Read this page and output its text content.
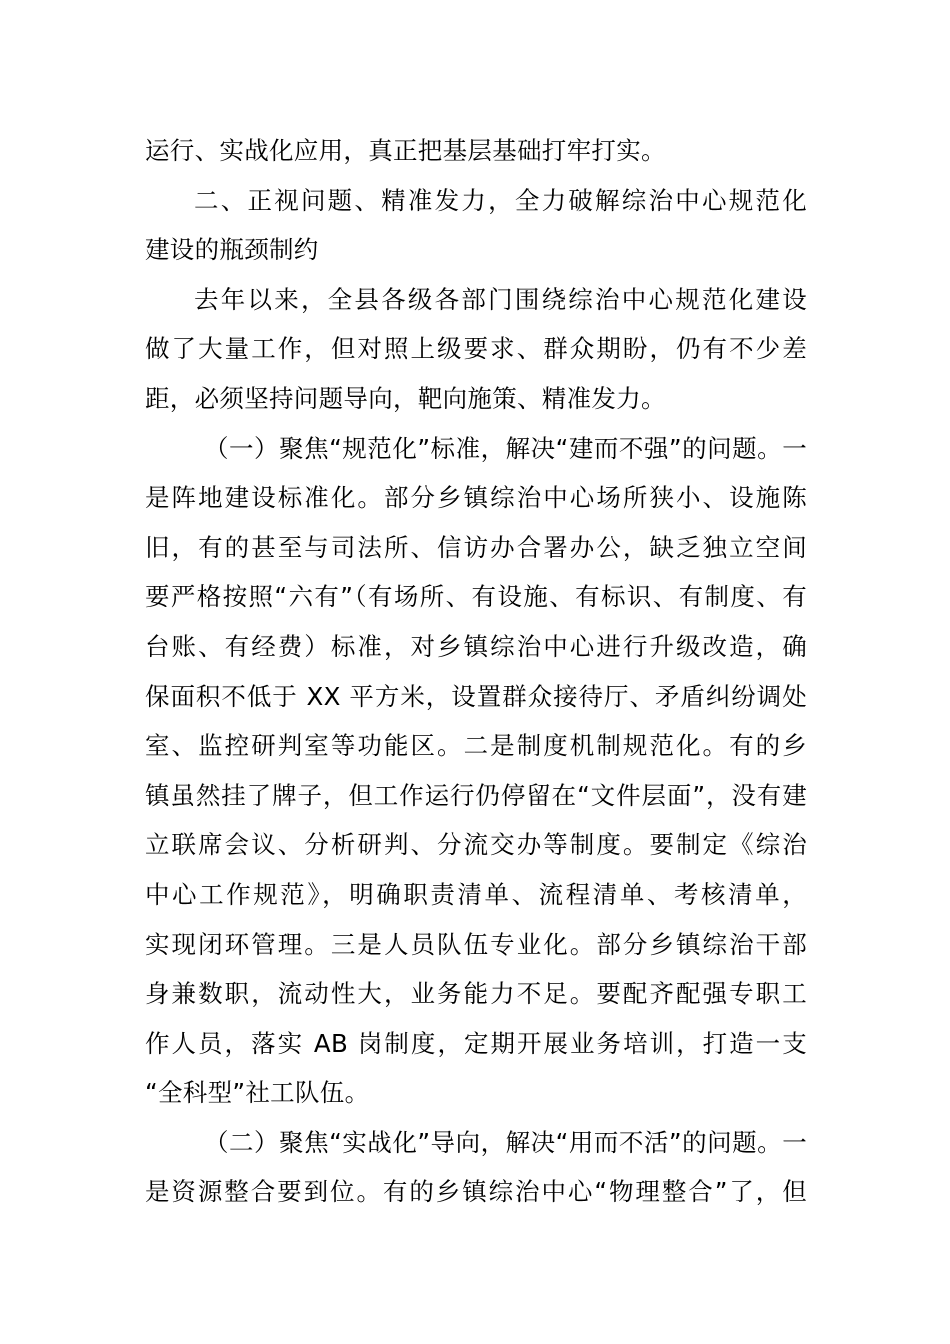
运行、实战化应用，真正把基层基础打牢打实。
二、正视问题、精准发力，全力破解综治中心规范化
建设的瓶颈制约
去年以来，全县各级各部门围绕综治中心规范化建设
做了大量工作，但对照上级要求、群众期盼，仍有不少差
距，必须坚持问题导向，靶向施策、精准发力。
（一）聚焦“规范化”标准，解决“建而不强”的问题。一
是阵地建设标准化。部分乡镇综治中心场所狭小、设施陈
旧，有的甚至与司法所、信访办合署办公，缺乏独立空间
要严格按照“六有”（有场所、有设施、有标识、有制度、有
台账、有经费）标准，对乡镇综治中心进行升级改造，确
保面积不低于 XX 平方米，设置群众接待厅、矛盾纠纷调处
室、监控研判室等功能区。二是制度机制规范化。有的乡
镇虽然挂了牌子，但工作运行仍停留在“文件层面”，没有建
立联席会议、分析研判、分流交办等制度。要制定《综治
中心工作规范》，明确职责清单、流程清单、考核清单，
实现闭环管理。三是人员队伍专业化。部分乡镇综治干部
身兼数职，流动性大，业务能力不足。要配齐配强专职工
作人员，落实 AB 岗制度，定期开展业务培训，打造一支
“全科型”社工队伍。
（二）聚焦“实战化”导向，解决“用而不活”的问题。一
是资源整合要到位。有的乡镇综治中心“物理整合”了，但
